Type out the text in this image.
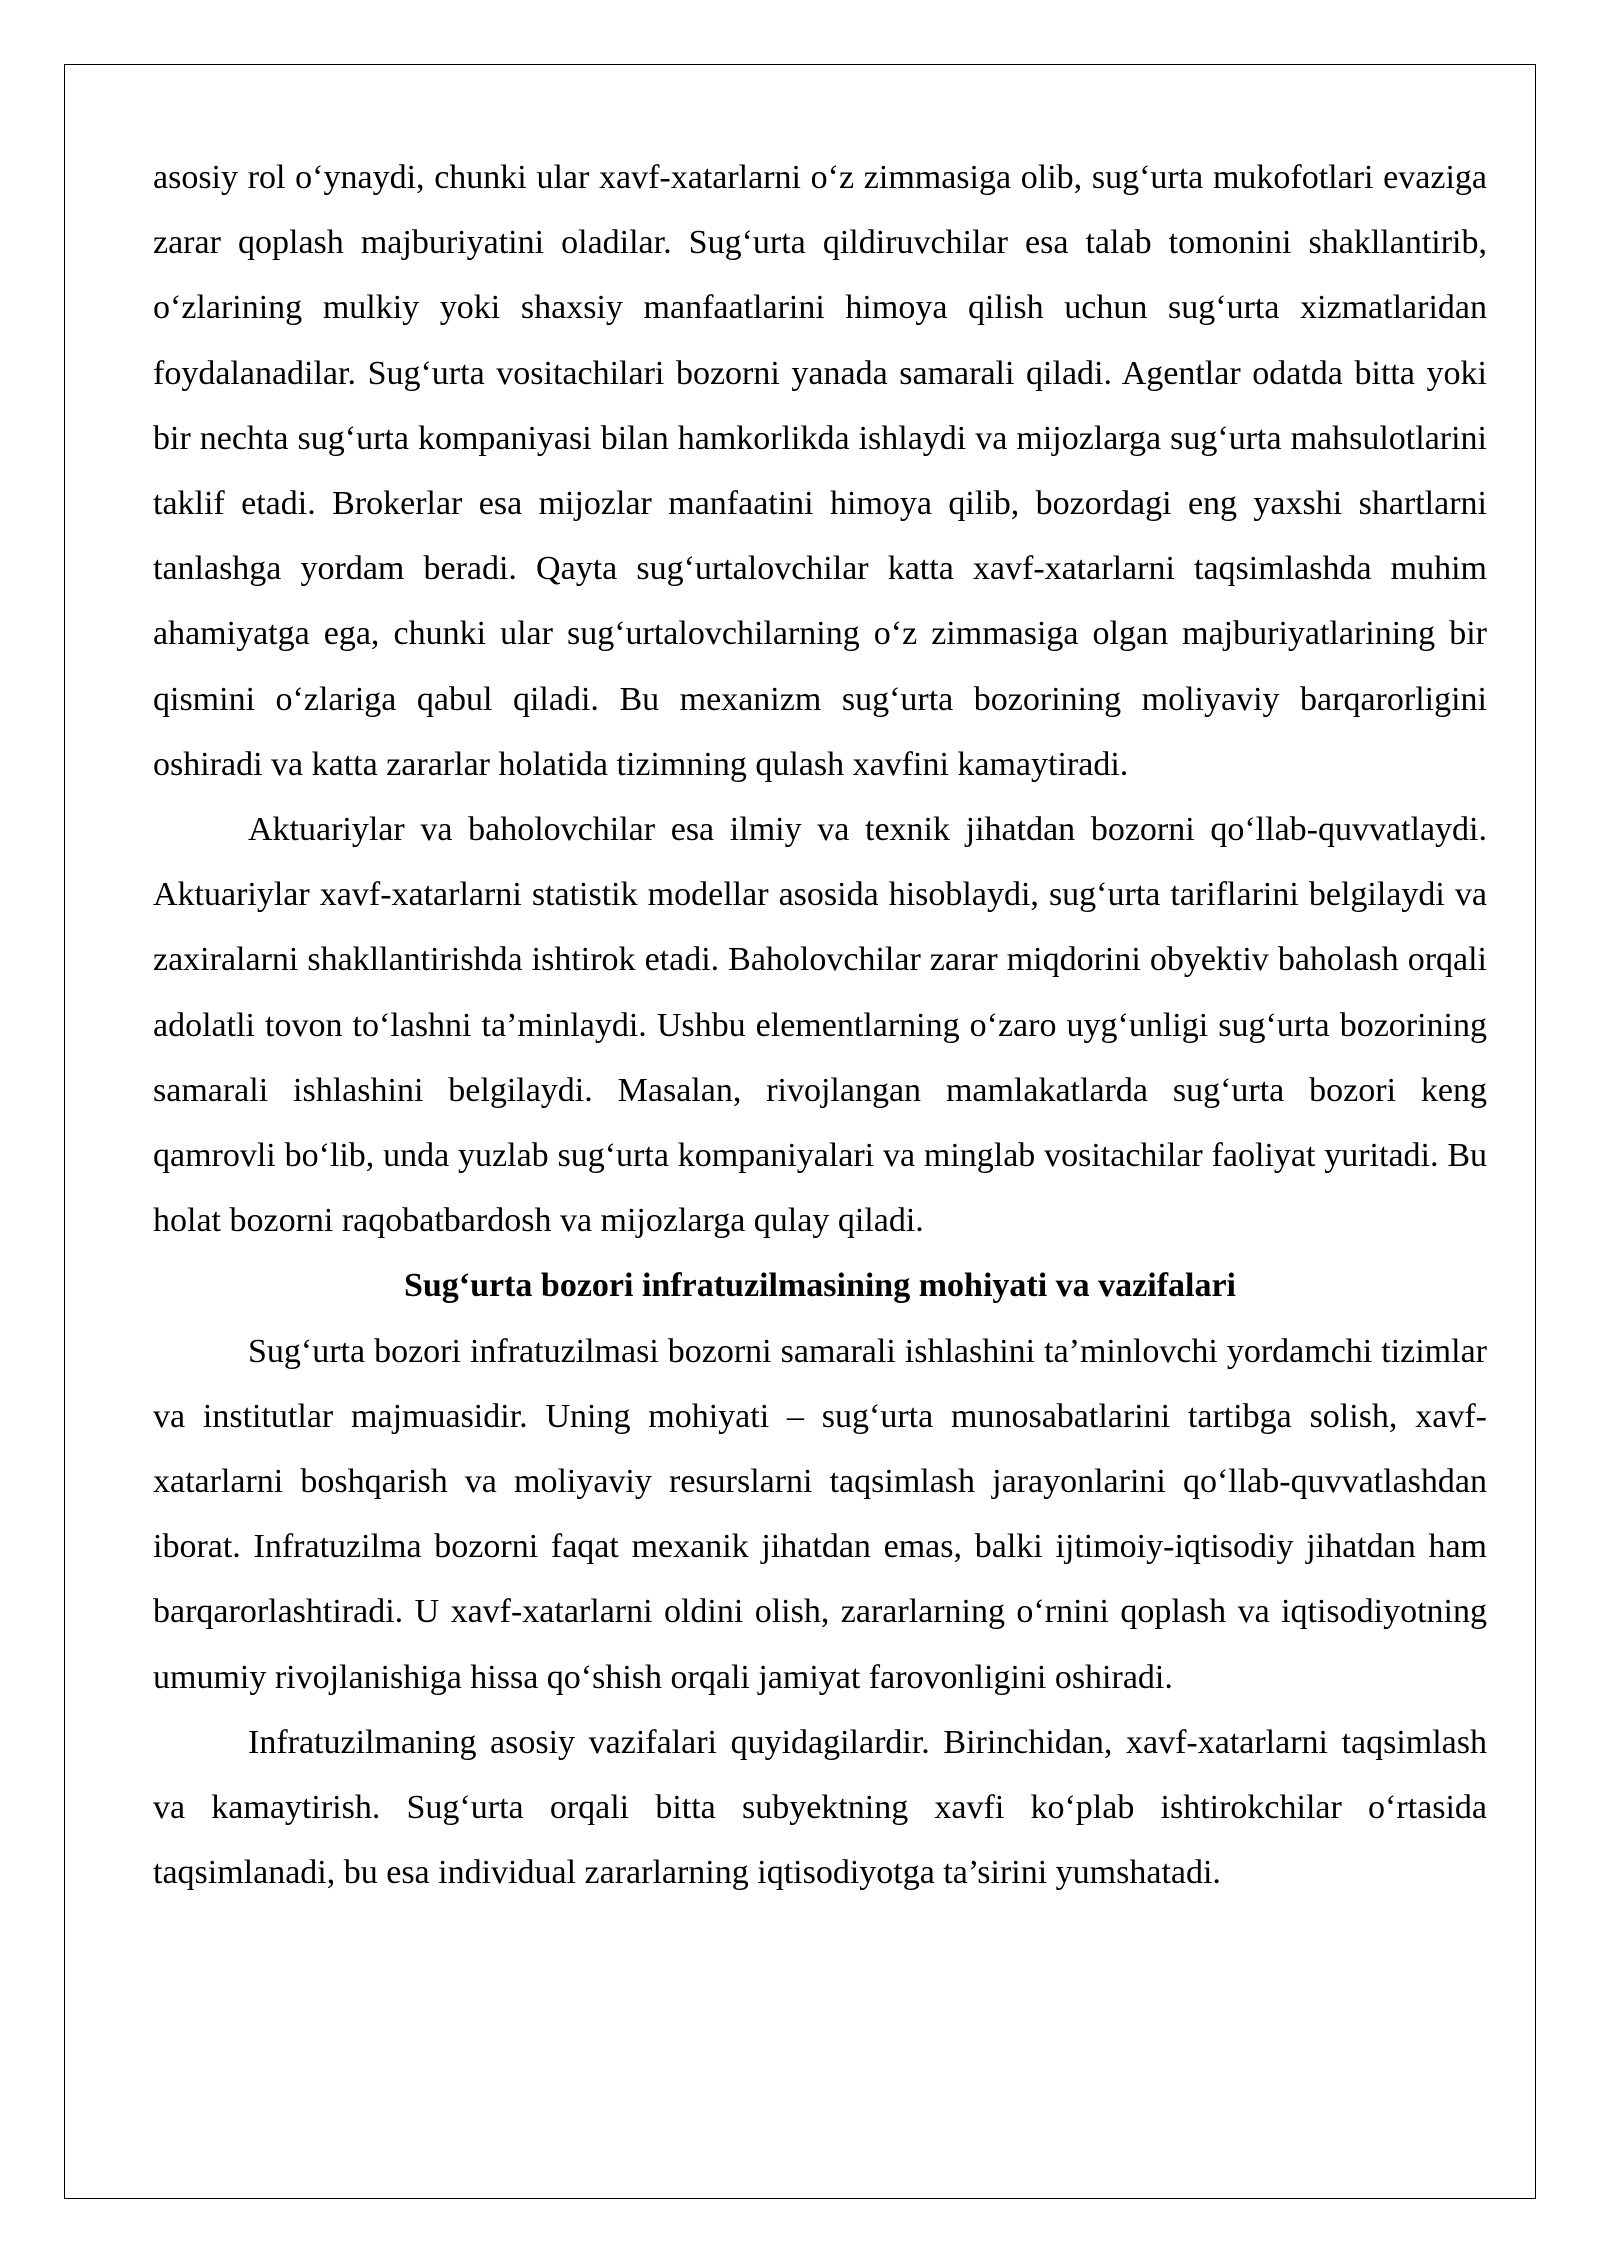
asosiy rol o‘ynaydi, chunki ular xavf-xatarlarni o‘z zimmasiga olib, sug‘urta mukofotlari evaziga zarar qoplash majburiyatini oladilar. Sug‘urta qildiruvchilar esa talab tomonini shakllantirib, o‘zlarining mulkiy yoki shaxsiy manfaatlarini himoya qilish uchun sug‘urta xizmatlaridan foydalanadilar. Sug‘urta vositachilari bozorni yanada samarali qiladi. Agentlar odatda bitta yoki bir nechta sug‘urta kompaniyasi bilan hamkorlikda ishlaydi va mijozlarga sug‘urta mahsulotlarini taklif etadi. Brokerlar esa mijozlar manfaatini himoya qilib, bozordagi eng yaxshi shartlarni tanlashga yordam beradi. Qayta sug‘urtalovchilar katta xavf-xatarlarni taqsimlashda muhim ahamiyatga ega, chunki ular sug‘urtalovchilarning o‘z zimmasiga olgan majburiyatlarining bir qismini o‘zlariga qabul qiladi. Bu mexanizm sug‘urta bozorining moliyaviy barqarorligini oshiradi va katta zararlar holatida tizimning qulash xavfini kamaytiradi.

Aktuariylar va baholovchilar esa ilmiy va texnik jihatdan bozorni qo‘llab-quvvatlaydi. Aktuariylar xavf-xatarlarni statistik modellar asosida hisoblaydi, sug‘urta tariflarini belgilaydi va zaxiralarni shakllantirishda ishtirok etadi. Baholovchilar zarar miqdorini obyektiv baholash orqali adolatli tovon to‘lashni ta’minlaydi. Ushbu elementlarning o‘zaro uyg‘unligi sug‘urta bozorining samarali ishlashini belgilaydi. Masalan, rivojlangan mamlakatlarda sug‘urta bozori keng qamrovli bo‘lib, unda yuzlab sug‘urta kompaniyalari va minglab vositachilar faoliyat yuritadi. Bu holat bozorni raqobatbardosh va mijozlarga qulay qiladi.

Sug‘urta bozori infratuzilmasining mohiyati va vazifalari

Sug‘urta bozori infratuzilmasi bozorni samarali ishlashini ta’minlovchi yordamchi tizimlar va institutlar majmuasidir. Uning mohiyati – sug‘urta munosabatlarini tartibga solish, xavf-xatarlarni boshqarish va moliyaviy resurslarni taqsimlash jarayonlarini qo‘llab-quvvatlashdan iborat. Infratuzilma bozorni faqat mexanik jihatdan emas, balki ijtimoiy-iqtisodiy jihatdan ham barqarorlashtiradi. U xavf-xatarlarni oldini olish, zararlarning o‘rnini qoplash va iqtisodiyotning umumiy rivojlanishiga hissa qo‘shish orqali jamiyat farovonligini oshiradi.

Infratuzilmaning asosiy vazifalari quyidagilardir. Birinchidan, xavf-xatarlarni taqsimlash va kamaytirish. Sug‘urta orqali bitta subyektning xavfi ko‘plab ishtirokchilar o‘rtasida taqsimlanadi, bu esa individual zararlarning iqtisodiyotga ta’sirini yumshatadi.
